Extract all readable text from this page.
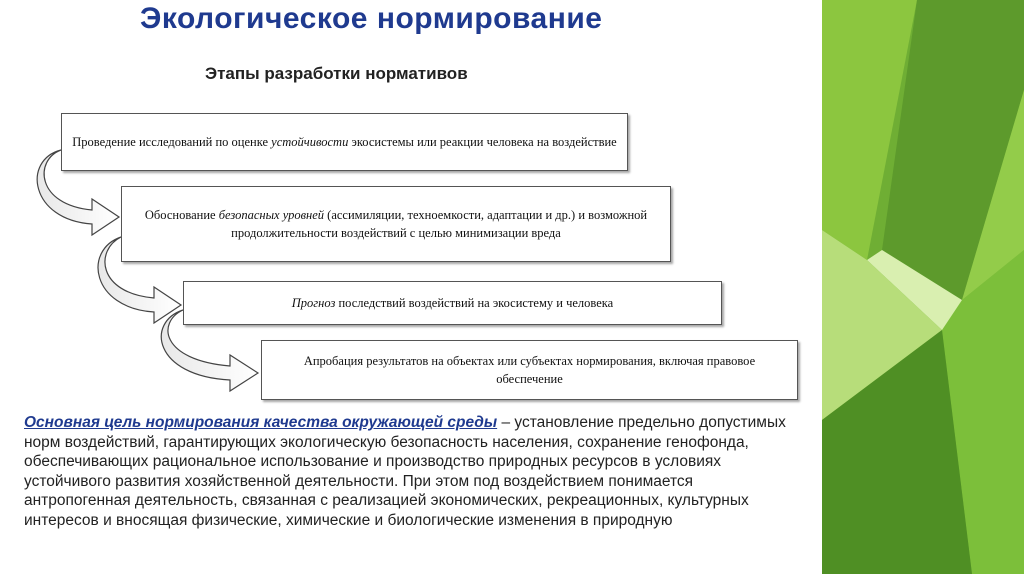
Экологическое нормирование
Этапы разработки нормативов
Проведение исследований по оценке устойчивости экосистемы или реакции человека на воздействие
Обоснование безопасных уровней (ассимиляции, техноемкости, адаптации и др.) и возможной продолжительности воздействий с целью минимизации вреда
Прогноз последствий воздействий на экосистему и человека
Апробация результатов на объектах или субъектах нормирования, включая правовое обеспечение
Основная цель нормирования качества окружающей среды – установление предельно допустимых норм воздействий, гарантирующих экологическую безопасность населения, сохранение генофонда, обеспечивающих рациональное использование и производство природных ресурсов в условиях устойчивого развития хозяйственной деятельности. При этом под воздействием понимается антропогенная деятельность, связанная с реализацией экономических, рекреационных, культурных интересов и вносящая физические, химические и биологические изменения в природную
